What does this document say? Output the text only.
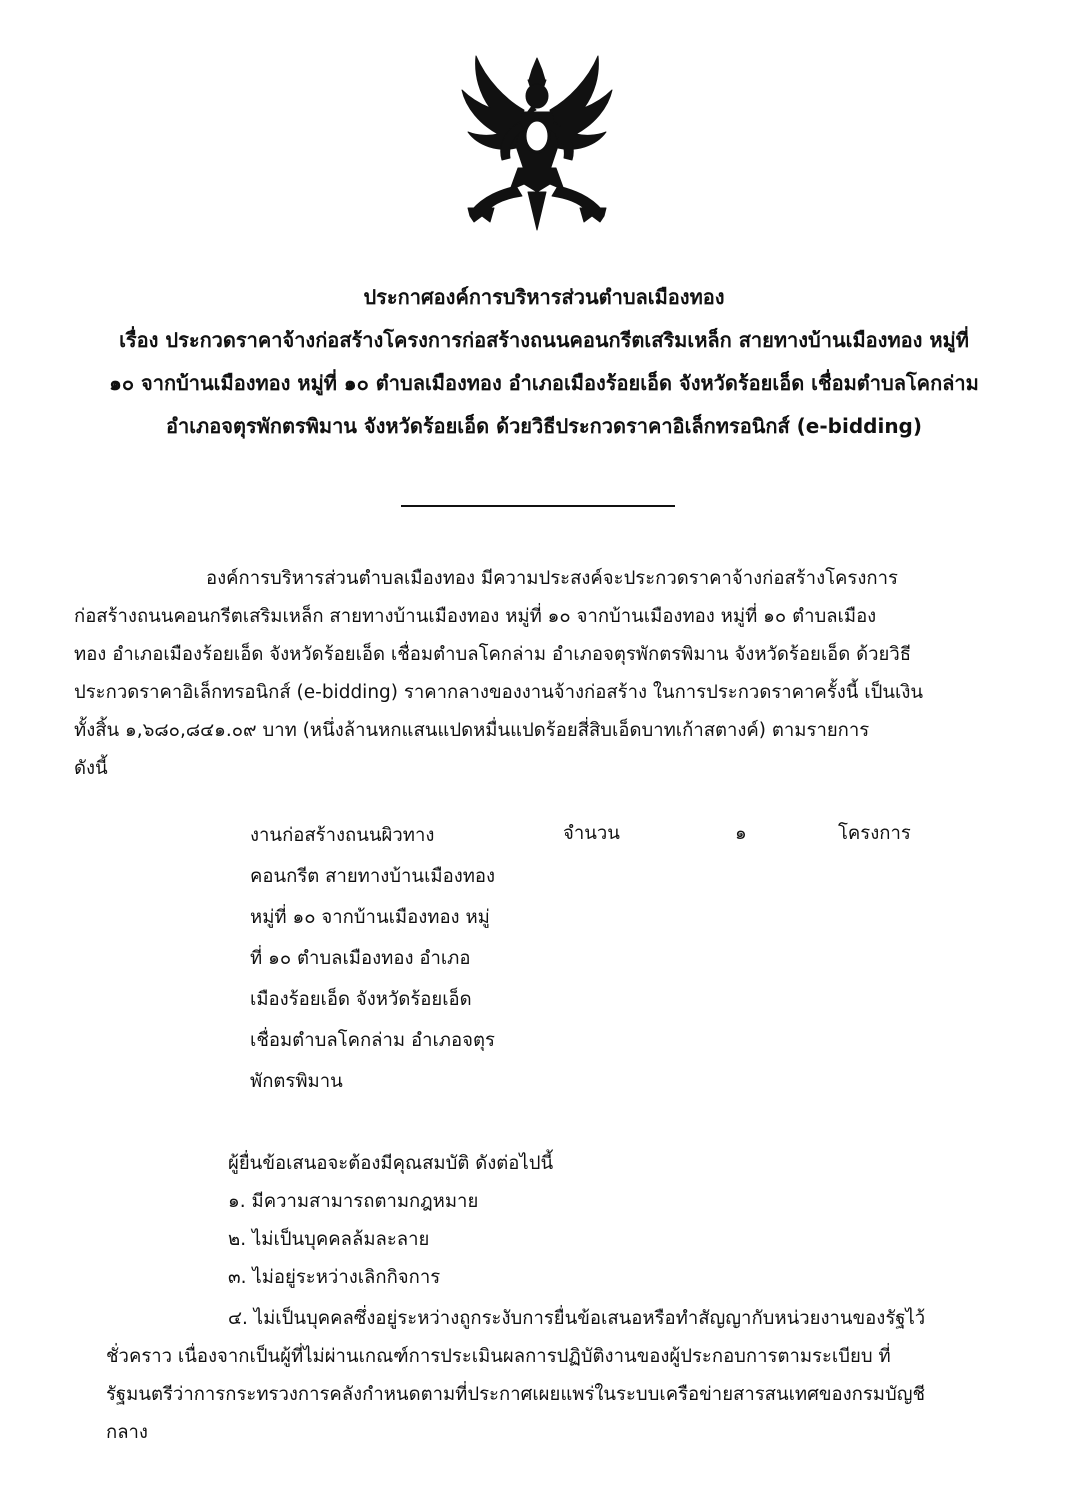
ประกาศองค์การบริหารส่วนตำบลเมืองทอง
เรื่อง ประกวดราคาจ้างก่อสร้างโครงการก่อสร้างถนนคอนกรีตเสริมเหล็ก สายทางบ้านเมืองทอง หมู่ที่
๑๐ จากบ้านเมืองทอง หมู่ที่ ๑๐ ตำบลเมืองทอง อำเภอเมืองร้อยเอ็ด จังหวัดร้อยเอ็ด เชื่อมตำบลโคกล่าม
อำเภอจตุรพักตรพิมาน จังหวัดร้อยเอ็ด ด้วยวิธีประกวดราคาอิเล็กทรอนิกส์ (e-bidding)

องค์การบริหารส่วนตำบลเมืองทอง มีความประสงค์จะประกวดราคาจ้างก่อสร้างโครงการ

ก่อสร้างถนนคอนกรีตเสริมเหล็ก สายทางบ้านเมืองทอง หมู่ที่ ๑๐ จากบ้านเมืองทอง หมู่ที่ ๑๐ ตำบลเมือง

ทอง อำเภอเมืองร้อยเอ็ด จังหวัดร้อยเอ็ด เชื่อมตำบลโคกล่าม อำเภอจตุรพักตรพิมาน จังหวัดร้อยเอ็ด ด้วยวิธี

ประกวดราคาอิเล็กทรอนิกส์ (e-bidding) ราคากลางของงานจ้างก่อสร้าง ในการประกวดราคาครั้งนี้ เป็นเงิน

ทั้งสิ้น ๑,๖๘๐,๘๔๑.๐๙ บาท (หนึ่งล้านหกแสนแปดหมื่นแปดร้อยสี่สิบเอ็ดบาทเก้าสตางค์) ตามรายการ

ดังนี้

งานก่อสร้างถนนผิวทาง

คอนกรีต สายทางบ้านเมืองทอง

หมู่ที่ ๑๐ จากบ้านเมืองทอง หมู่

ที่ ๑๐ ตำบลเมืองทอง อำเภอ

เมืองร้อยเอ็ด จังหวัดร้อยเอ็ด

เชื่อมตำบลโคกล่าม อำเภอจตุร

พักตรพิมาน

จำนวน	๑	โครงการ
ผู้ยื่นข้อเสนอจะต้องมีคุณสมบัติ ดังต่อไปนี้
๑. มีความสามารถตามกฎหมาย
๒. ไม่เป็นบุคคลล้มละลาย
๓. ไม่อยู่ระหว่างเลิกกิจการ
๔. ไม่เป็นบุคคลซึ่งอยู่ระหว่างถูกระงับการยื่นข้อเสนอหรือทำสัญญากับหน่วยงานของรัฐไว้

ชั่วคราว เนื่องจากเป็นผู้ที่ไม่ผ่านเกณฑ์การประเมินผลการปฏิบัติงานของผู้ประกอบการตามระเบียบ ที่

รัฐมนตรีว่าการกระทรวงการคลังกำหนดตามที่ประกาศเผยแพร่ในระบบเครือข่ายสารสนเทศของกรมบัญชี

กลาง
